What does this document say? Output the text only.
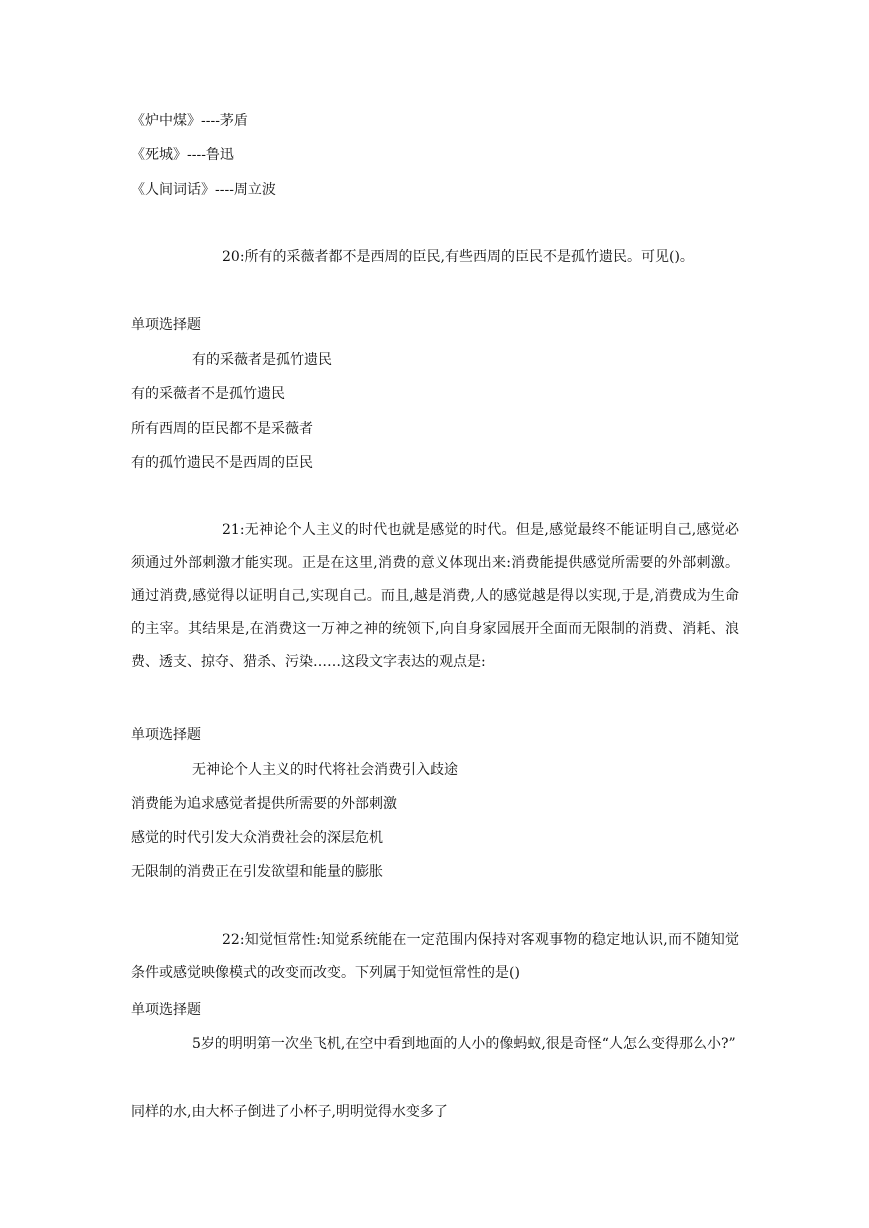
《炉中煤》----茅盾
《死城》----鲁迅
《人间词话》----周立波
20:所有的采薇者都不是西周的臣民,有些西周的臣民不是孤竹遗民。可见()。
单项选择题
有的采薇者是孤竹遗民
有的采薇者不是孤竹遗民
所有西周的臣民都不是采薇者
有的孤竹遗民不是西周的臣民
21:无神论个人主义的时代也就是感觉的时代。但是,感觉最终不能证明自己,感觉必须通过外部刺激才能实现。正是在这里,消费的意义体现出来:消费能提供感觉所需要的外部刺激。通过消费,感觉得以证明自己,实现自己。而且,越是消费,人的感觉越是得以实现,于是,消费成为生命的主宰。其结果是,在消费这一万神之神的统领下,向自身家园展开全面而无限制的消费、消耗、浪费、透支、掠夺、猎杀、污染……这段文字表达的观点是:
单项选择题
无神论个人主义的时代将社会消费引入歧途
消费能为追求感觉者提供所需要的外部刺激
感觉的时代引发大众消费社会的深层危机
无限制的消费正在引发欲望和能量的膨胀
22:知觉恒常性:知觉系统能在一定范围内保持对客观事物的稳定地认识,而不随知觉条件或感觉映像模式的改变而改变。下列属于知觉恒常性的是()
单项选择题
5岁的明明第一次坐飞机,在空中看到地面的人小的像蚂蚁,很是奇怪“人怎么变得那么小?”
同样的水,由大杯子倒进了小杯子,明明觉得水变多了
